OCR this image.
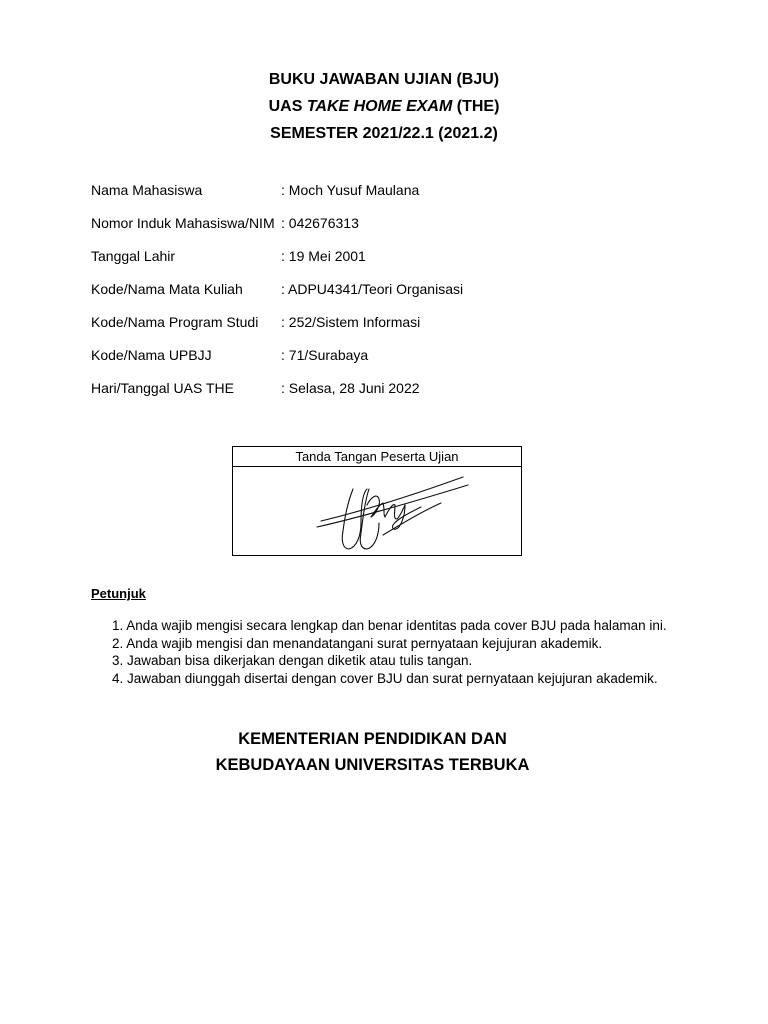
BUKU JAWABAN UJIAN (BJU)
UAS TAKE HOME EXAM (THE)
SEMESTER 2021/22.1 (2021.2)
Nama Mahasiswa	: Moch Yusuf Maulana
Nomor Induk Mahasiswa/NIM : 042676313
Tanggal Lahir	: 19 Mei 2001
Kode/Nama Mata Kuliah	: ADPU4341/Teori Organisasi
Kode/Nama Program Studi	: 252/Sistem Informasi
Kode/Nama UPBJJ	: 71/Surabaya
Hari/Tanggal UAS THE	: Selasa, 28 Juni 2022
Tanda Tangan Peserta Ujian
Petunjuk
1. Anda wajib mengisi secara lengkap dan benar identitas pada cover BJU pada halaman ini.
2. Anda wajib mengisi dan menandatangani surat pernyataan kejujuran akademik.
3. Jawaban bisa dikerjakan dengan diketik atau tulis tangan.
4. Jawaban diunggah disertai dengan cover BJU dan surat pernyataan kejujuran akademik.
KEMENTERIAN PENDIDIKAN DAN
KEBUDAYAAN UNIVERSITAS TERBUKA
